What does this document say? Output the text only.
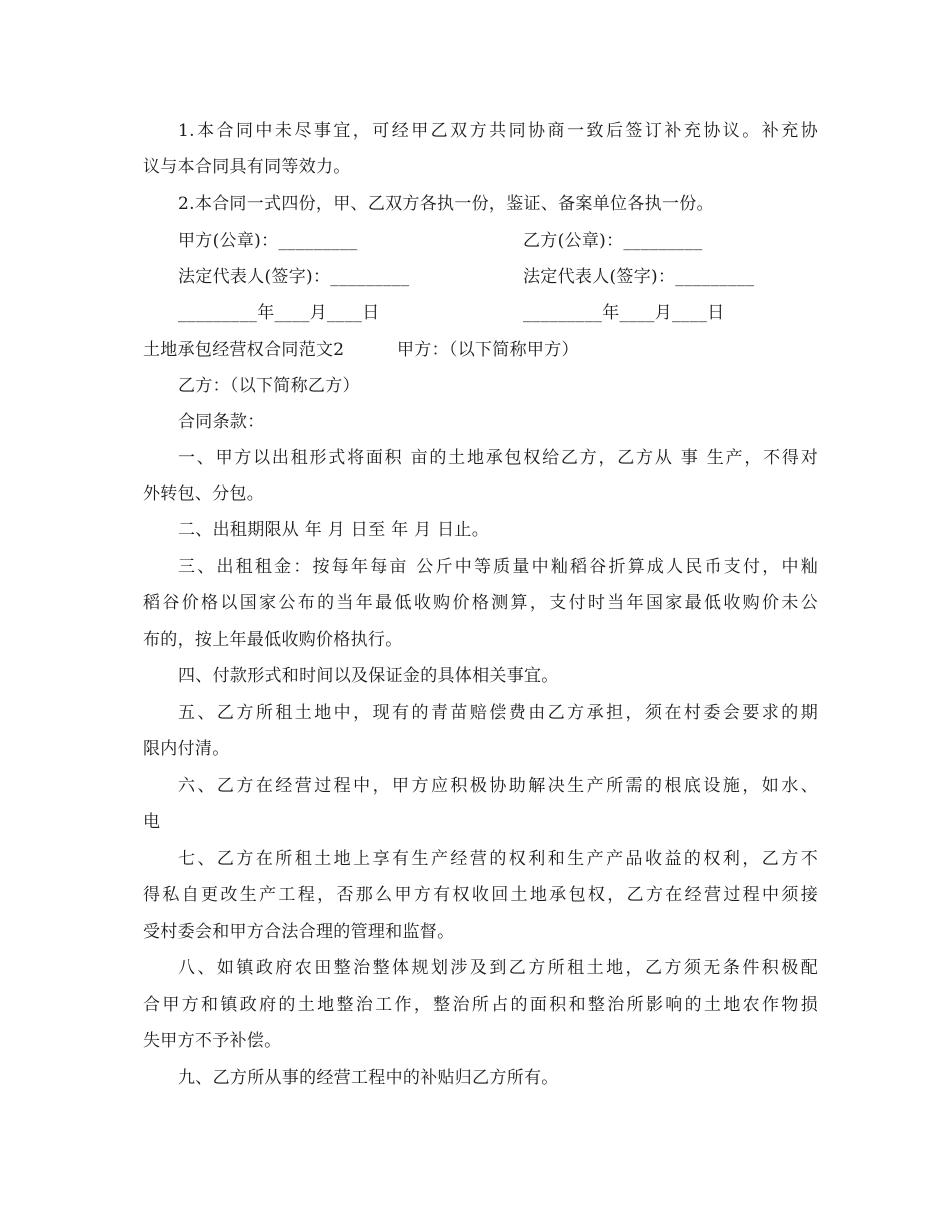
1.本合同中未尽事宜，可经甲乙双方共同协商一致后签订补充协议。补充协
议与本合同具有同等效力。
2.本合同一式四份，甲、乙双方各执一份，鉴证、备案单位各执一份。
甲方(公章)：_________	乙方(公章)：_________
法定代表人(签字)：_________	法定代表人(签字)：_________
_________年____月____日	_________年____月____日
土地承包经营权合同范文2	甲方：（以下简称甲方）
乙方：（以下简称乙方）
合同条款：
一、甲方以出租形式将面积 亩的土地承包权给乙方，乙方从 事 生产，不得对
外转包、分包。
二、出租期限从 年 月 日至 年 月 日止。
三、出租租金：按每年每亩 公斤中等质量中籼稻谷折算成人民币支付，中籼
稻谷价格以国家公布的当年最低收购价格测算，支付时当年国家最低收购价未公
布的，按上年最低收购价格执行。
四、付款形式和时间以及保证金的具体相关事宜。
五、乙方所租土地中，现有的青苗赔偿费由乙方承担，须在村委会要求的期
限内付清。
六、乙方在经营过程中，甲方应积极协助解决生产所需的根底设施，如水、
电
七、乙方在所租土地上享有生产经营的权利和生产产品收益的权利，乙方不
得私自更改生产工程，否那么甲方有权收回土地承包权，乙方在经营过程中须接
受村委会和甲方合法合理的管理和监督。
八、如镇政府农田整治整体规划涉及到乙方所租土地，乙方须无条件积极配
合甲方和镇政府的土地整治工作，整治所占的面积和整治所影响的土地农作物损
失甲方不予补偿。
九、乙方所从事的经营工程中的补贴归乙方所有。
